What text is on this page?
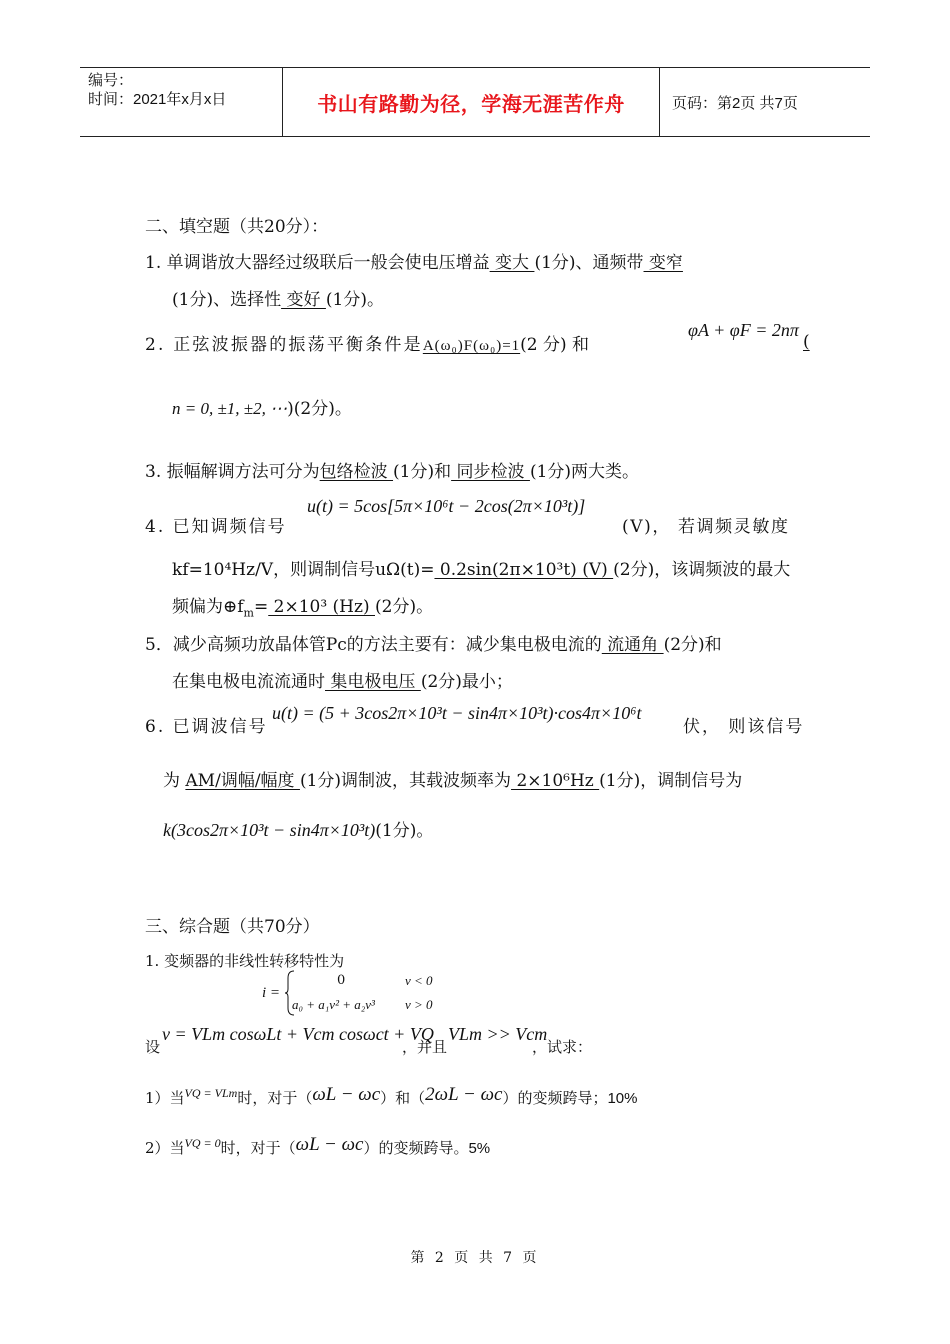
编号：
时间：2021年x月x日	书山有路勤为径，学海无涯苦作舟	页码：第2页 共7页
二、填空题（共20分）：
1. 单调谐放大器经过级联后一般会使电压增益 变大 (1分)、通频带 变窄
(1分)、选择性 变好 (1分)。
2. 正弦波振器的振荡平衡条件是A(ω₀)F(ω₀)=1(2 分) 和
φA + φF = 2nπ
(
n = 0, ±1, ±2, ⋯)(2分)。
3. 振幅解调方法可分为包络检波 (1分)和 同步检波 (1分)两大类。
4. 已知调频信号
u(t) = 5cos[5π×10⁶t − 2cos(2π×10³t)]
(V)， 若调频灵敏度
kf=10⁴Hz/V，则调制信号uΩ(t)= 0.2sin(2π×10³t) (V) (2分)，该调频波的最大
频偏为$\oplus f_m= 2\times 10^3$ (Hz) (2分)。
5．减少高频功放晶体管Pc的方法主要有：减少集电极电流的 流通角 (2分)和
在集电极电流流通时 集电极电压 (2分)最小；
6. 已调波信号
u(t) = (5 + 3cos2π×10³t − sin4π×10³t)·cos4π×10⁶t
伏， 则该信号
为 AM/调幅/幅度 (1分)调制波，其载波频率为 2×10⁶Hz (1分)，调制信号为
k(3cos2π×10³t − sin4π×10³t)(1分)。
三、综合题（共70分）
1. 变频器的非线性转移特性为
i =
0	v < 0
a₀ + a₁v² + a₂v³ v > 0
设
v = VLm cosωLt + Vcm cosωct + VQ
，并且
VLm >> Vcm
，试求：
1）当$^{VQ = VLm}$时，对于（ωL − ωc）和（2ωL − ωc）的变频跨导；10%
2）当$^{VQ = 0}$时，对于（ωL − ωc）的变频跨导。5%
第 2 页 共 7 页
